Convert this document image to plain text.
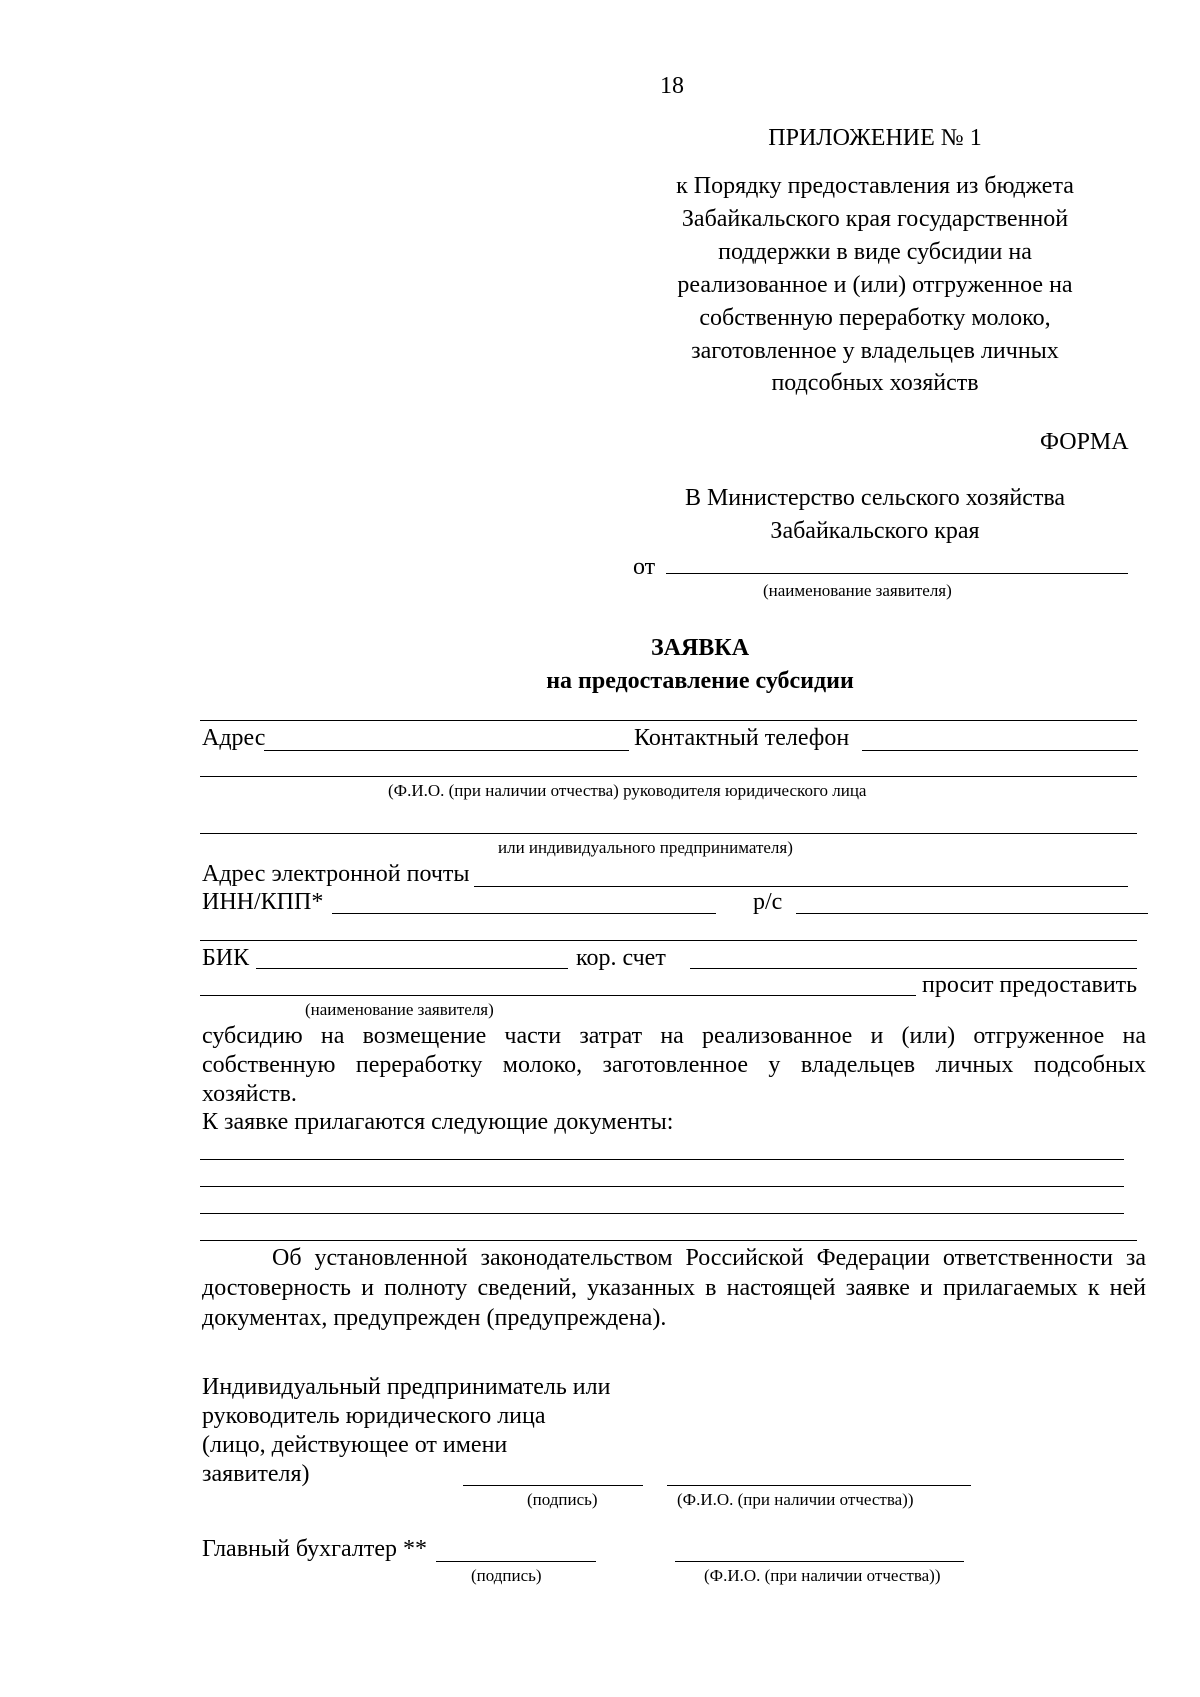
18
ПРИЛОЖЕНИЕ № 1
к Порядку предоставления из бюджета
Забайкальского края государственной
поддержки в виде субсидии на
реализованное и (или) отгруженное на
собственную переработку молоко,
заготовленное у владельцев личных
подсобных хозяйств
ФОРМА
В Министерство сельского хозяйства
Забайкальского края
от
(наименование заявителя)
ЗАЯВКА
на предоставление субсидии
Адрес	Контактный телефон
(Ф.И.О. (при наличии отчества) руководителя юридического лица
или индивидуального предпринимателя)
Адрес электронной почты
ИНН/КПП*	р/с
БИК	кор. счет
просит предоставить
(наименование заявителя)
субсидию на возмещение части затрат на реализованное и (или) отгруженное на
собственную переработку молоко, заготовленное у владельцев личных подсобных
хозяйств.
К заявке прилагаются следующие документы:
Об установленной законодательством Российской Федерации ответственности за
достоверность и полноту сведений, указанных в настоящей заявке и прилагаемых к ней
документах, предупрежден (предупреждена).
Индивидуальный предприниматель или
руководитель юридического лица
(лицо, действующее от имени
заявителя)
(подпись)	(Ф.И.О. (при наличии отчества))
Главный бухгалтер **
(подпись)	(Ф.И.О. (при наличии отчества))
